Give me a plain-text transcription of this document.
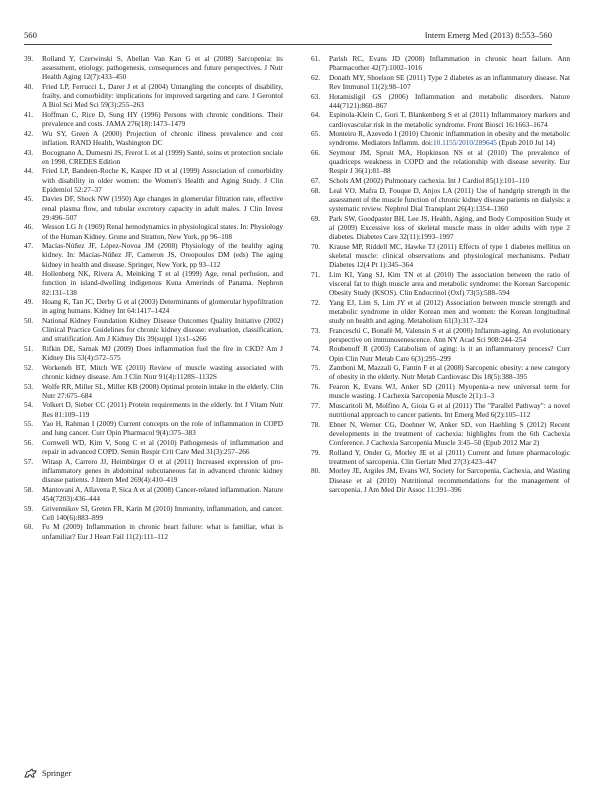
560	Intern Emerg Med (2013) 8:553–560
39. Rolland Y, Czerwinski S, Abellan Van Kan G et al (2008) Sarcopenia: its assessment, etiology, pathogenesis, consequences and future perspectives. J Nutr Health Aging 12(7):433–450
40. Fried LP, Ferrucci L, Darer J et al (2004) Untangling the concepts of disability, frailty, and comorbidity: implications for improved targeting and care. J Gerontol A Biol Sci Med Sci 59(3):255–263
41. Hoffman C, Rice D, Sung HY (1996) Persons with chronic conditions. Their prevalence and costs. JAMA 276(18):1473–1479
42. Wu SY, Green A (2000) Projection of chronic illness prevalence and cost inflation. RAND Health, Washington DC
43. Bocognano A, Dumesni JS, Frerot L et al (1999) Santé, soins et protection sociale en 1998. CREDES Edition
44. Fried LP, Bandeen-Roche K, Kasper JD et al (1999) Association of comorbidity with disability in older women: the Women's Health and Aging Study. J Clin Epidemiol 52:27–37
45. Davies DF, Shock NW (1950) Age changes in glomerular filtration rate, effective renal plasma flow, and tubular excretory capacity in adult males. J Clin Invest 29:496–507
46. Wesson LG Jr (1969) Renal hemodynamics in physiological states. In: Physiology of the Human Kidney. Grune and Stratton, New York, pp 96–108
47. Macías-Núñez JF, López-Novoa JM (2008) Physiology of the healthy aging kidney. In: Macías-Núñez JF, Cameron JS, Oreopoulos DM (eds) The aging kidney in health and disease. Springer, New York, pp 93–112
48. Hollenberg NK, Rivera A, Meinking T et al (1999) Age, renal perfusion, and function in island-dwelling indigenous Kuna Amerinds of Panama. Nephron 82:131–138
49. Hoang K, Tan JC, Derby G et al (2003) Determinants of glomerular hypofiltration in aging humans. Kidney Int 64:1417–1424
50. National Kidney Foundation Kidney Disease Outcomes Quality Initiative (2002) Clinical Practice Guidelines for chronic kidney disease: evaluation, classification, and stratification. Am J Kidney Dis 39(suppl 1):s1–s266
51. Rifkin DE, Sarnak MJ (2009) Does inflammation fuel the fire in CKD? Am J Kidney Dis 53(4):572–575
52. Workeneh BT, Mitch WE (2010) Review of muscle wasting associated with chronic kidney disease. Am J Clin Nutr 91(4):1128S–1132S
53. Wolfe RR, Miller SL, Miller KB (2008) Optimal protein intake in the elderly. Clin Nutr 27:675–684
54. Volkert D, Sieber CC (2011) Protein requirements in the elderly. Int J Vitam Nutr Res 81:109–119
55. Yao H, Rahman I (2009) Current concepts on the role of inflammation in COPD and lung cancer. Curr Opin Pharmacol 9(4):375–383
56. Cornwell WD, Kim V, Song C et al (2010) Pathogenesis of inflammation and repair in advanced COPD. Semin Respir Crit Care Med 31(3):257–266
57. Witasp A, Carrero JJ, Heimbürger O et al (2011) Increased expression of pro-inflammatory genes in abdominal subcutaneous fat in advanced chronic kidney disease patients. J Intern Med 269(4):410–419
58. Mantovani A, Allavena P, Sica A et al (2008) Cancer-related inflammation. Nature 454(7203):436–444
59. Grivennikov SI, Greten FR, Karin M (2010) Immunity, inflammation, and cancer. Cell 140(6):883–899
60. Fu M (2009) Inflammation in chronic heart failure: what is familiar, what is unfamiliar? Eur J Heart Fail 11(2):111–112
61. Parish RC, Evans JD (2008) Inflammation in chronic heart failure. Ann Pharmacother 42(7):1002–1016
62. Donath MY, Shoelson SE (2011) Type 2 diabetes as an inflammatory disease. Nat Rev Immunol 11(2):98–107
63. Hotamisligil GS (2006) Inflammation and metabolic disorders. Nature 444(7121):860–867
64. Espinola-Klein C, Gori T, Blankenberg S et al (2011) Inflammatory markers and cardiovascular risk in the metabolic syndrome. Front Biosci 16:1663–1674
65. Monteiro R, Azevedo I (2010) Chronic inflammation in obesity and the metabolic syndrome. Mediators Inflamm. doi:10.1155/2010/289645 (Epub 2010 Jul 14)
66. Seymour JM, Spruit MA, Hopkinson NS et al (2010) The prevalence of quadriceps weakness in COPD and the relationship with disease severity. Eur Respir J 36(1):81–88
67. Schols AM (2002) Pulmonary cachexia. Int J Cardiol 85(1):101–110
68. Leal VO, Mafra D, Fouque D, Anjos LA (2011) Use of handgrip strength in the assessment of the muscle function of chronic kidney disease patients on dialysis: a systematic review. Nephrol Dial Transplant 26(4):1354–1360
69. Park SW, Goodpaster BH, Lee JS, Health, Aging, and Body Composition Study et al (2009) Excessive loss of skeletal muscle mass in older adults with type 2 diabetes. Diabetes Care 32(11):1993–1997
70. Krause MP, Riddell MC, Hawke TJ (2011) Effects of type 1 diabetes mellitus on skeletal muscle: clinical observations and physiological mechanisms. Pediatr Diabetes 12(4 Pt 1):345–364
71. Lim KI, Yang SJ, Kim TN et al (2010) The association between the ratio of visceral fat to thigh muscle area and metabolic syndrome: the Korean Sarcopenic Obesity Study (KSOS). Clin Endocrinol (Oxf) 73(5):588–594
72. Yang EJ, Lim S, Lim JY et al (2012) Association between muscle strength and metabolic syndrome in older Korean men and women: the Korean longitudinal study on health and aging. Metabolism 61(3):317–324
73. Franceschi C, Bonafè M, Valensin S et al (2000) Inflamm-aging. An evolutionary perspective on immunosenescence. Ann NY Acad Sci 908:244–254
74. Roubenoff R (2003) Catabolism of aging: is it an inflammatory process? Curr Opin Clin Nutr Metab Care 6(3):295–299
75. Zamboni M, Mazzali G, Fantin F et al (2008) Sarcopenic obesity: a new category of obesity in the elderly. Nutr Metab Cardiovasc Dis 18(5):388–395
76. Fearon K, Evans WJ, Anker SD (2011) Myopenia-a new universal term for muscle wasting. J Cachexia Sarcopenia Muscle 2(1):1–3
77. Muscaritoli M, Molfino A, Gioia G et al (2011) The "Parallel Pathway": a novel nutritional approach to cancer patients. Int Emerg Med 6(2):105–112
78. Ebner N, Werner CG, Doehner W, Anker SD, von Haehling S (2012) Recent developments in the treatment of cachexia: highlights from the 6th Cachexia Conference. J Cachexia Sarcopenia Muscle 3:45–50 (Epub 2012 Mar 2)
79. Rolland Y, Onder G, Morley JE et al (2011) Current and future pharmacologic treatment of sarcopenia. Clin Geriatr Med 27(3):423–447
80. Morley JE, Argiles JM, Evans WJ, Society for Sarcopenia, Cachexia, and Wasting Disease et al (2010) Nutritional recommendations for the management of sarcopenia. J Am Med Dir Assoc 11:391–396
Springer
